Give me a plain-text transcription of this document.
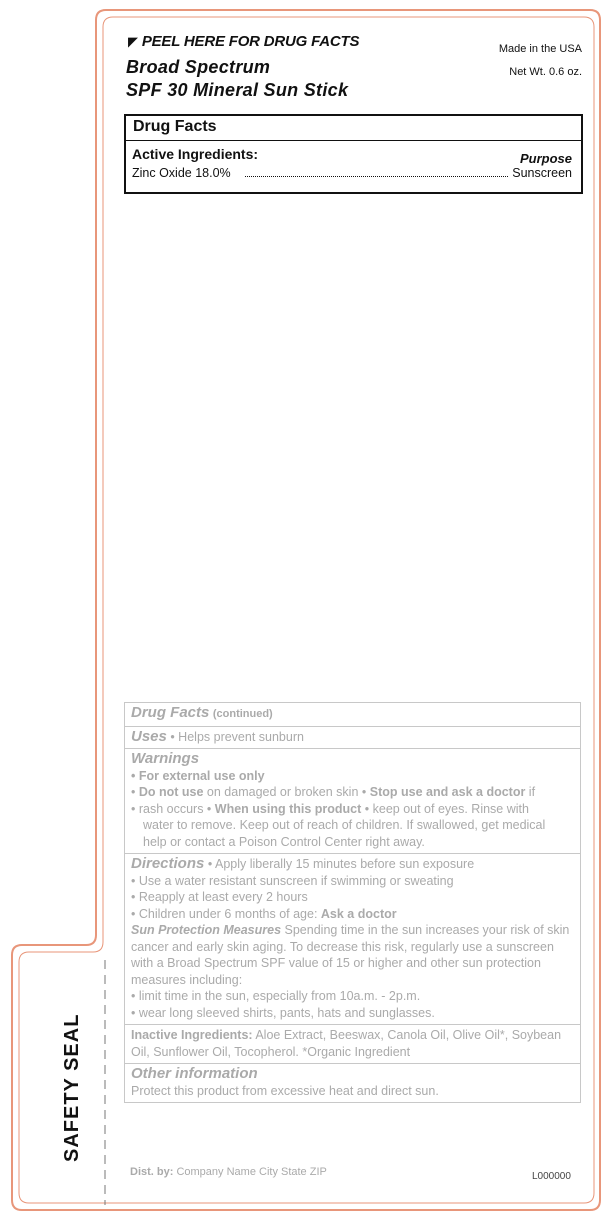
◤ PEEL HERE FOR DRUG FACTS
Broad Spectrum
SPF 30 Mineral Sun Stick
Made in the USA
Net Wt. 0.6 oz.
Drug Facts
Active Ingredients:	Purpose
Zinc Oxide 18.0%	Sunscreen
Drug Facts (continued)
Uses • Helps prevent sunburn
Warnings
• For external use only
• Do not use on damaged or broken skin • Stop use and ask a doctor if
• rash occurs • When using this product • keep out of eyes. Rinse with
water to remove. Keep out of reach of children. If swallowed, get medical
help or contact a Poison Control Center right away.
Directions • Apply liberally 15 minutes before sun exposure
• Use a water resistant sunscreen if swimming or sweating
• Reapply at least every 2 hours
• Children under 6 months of age: Ask a doctor
Sun Protection Measures Spending time in the sun increases your risk of skin cancer and early skin aging. To decrease this risk, regularly use a sunscreen with a Broad Spectrum SPF value of 15 or higher and other sun protection measures including:
• limit time in the sun, especially from 10a.m. - 2p.m.
• wear long sleeved shirts, pants, hats and sunglasses.
Inactive Ingredients: Aloe Extract, Beeswax, Canola Oil, Olive Oil*, Soybean Oil, Sunflower Oil, Tocopherol. *Organic Ingredient
Other information
Protect this product from excessive heat and direct sun.
Dist. by: Company Name City State ZIP	L000000
SAFETY SEAL
